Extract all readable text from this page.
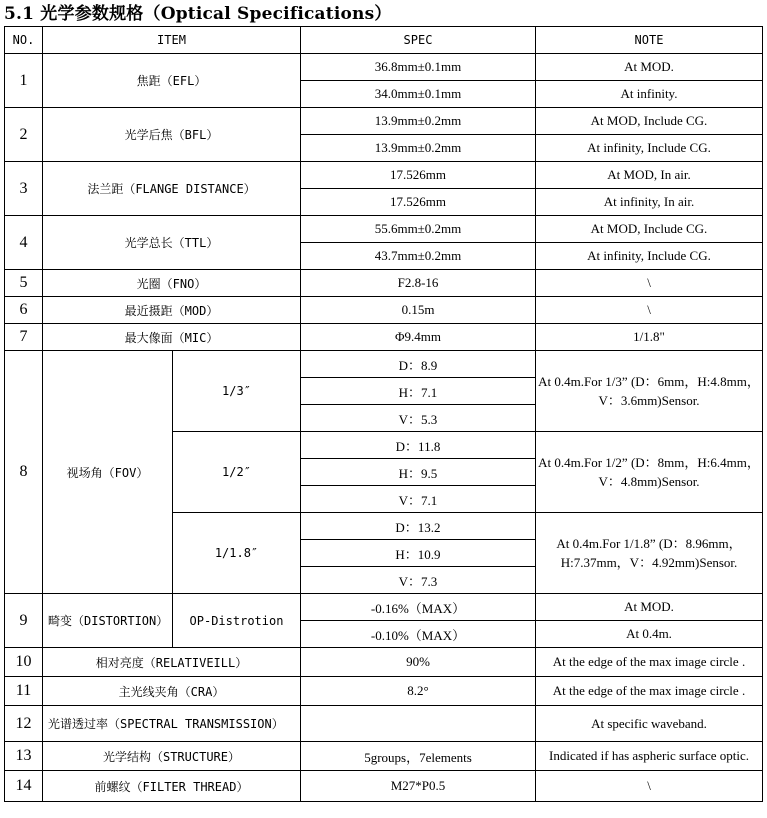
5.1 光学参数规格（Optical Specifications）
NO.	ITEM		SPEC	NOTE
1	焦距（EFL）		36.8mm±0.1mm	At MOD.
			34.0mm±0.1mm	At infinity.
2	光学后焦（BFL）		13.9mm±0.2mm	At MOD, Include CG.
			13.9mm±0.2mm	At infinity, Include CG.
3	法兰距（FLANGE DISTANCE）		17.526mm	At MOD, In air.
			17.526mm	At infinity, In air.
4	光学总长（TTL）		55.6mm±0.2mm	At MOD, Include CG.
			43.7mm±0.2mm	At infinity, Include CG.
5	光圈（FNO）		F2.8-16	\
6	最近摄距（MOD）		0.15m	\
7	最大像面（MIC）		Φ9.4mm	1/1.8"
8	视场角（FOV）	1/3″	D：8.9	At 0.4m.For 1/3” (D：6mm，H:4.8mm，V：3.6mm)Sensor.
			H：7.1	
			V：5.3	
		1/2″	D：11.8	At 0.4m.For 1/2” (D：8mm，H:6.4mm，V：4.8mm)Sensor.
			H：9.5	
			V：7.1	
		1/1.8″	D：13.2	At 0.4m.For 1/1.8” (D：8.96mm，H:7.37mm，V：4.92mm)Sensor.
			H：10.9	
			V：7.3	
9	畸变（DISTORTION）	OP-Distrotion	-0.16%（MAX）	At MOD.
			-0.10%（MAX）	At 0.4m.
10	相对亮度（RELATIVEILL）		90%	At the edge of the max image circle .
11	主光线夹角（CRA）		8.2°	At the edge of the max image circle .
12	光谱透过率（SPECTRAL TRANSMISSION）			At specific waveband.
13	光学结构（STRUCTURE）		5groups，7elements	Indicated if has aspheric surface optic.
14	前螺纹（FILTER THREAD）		M27*P0.5	\
